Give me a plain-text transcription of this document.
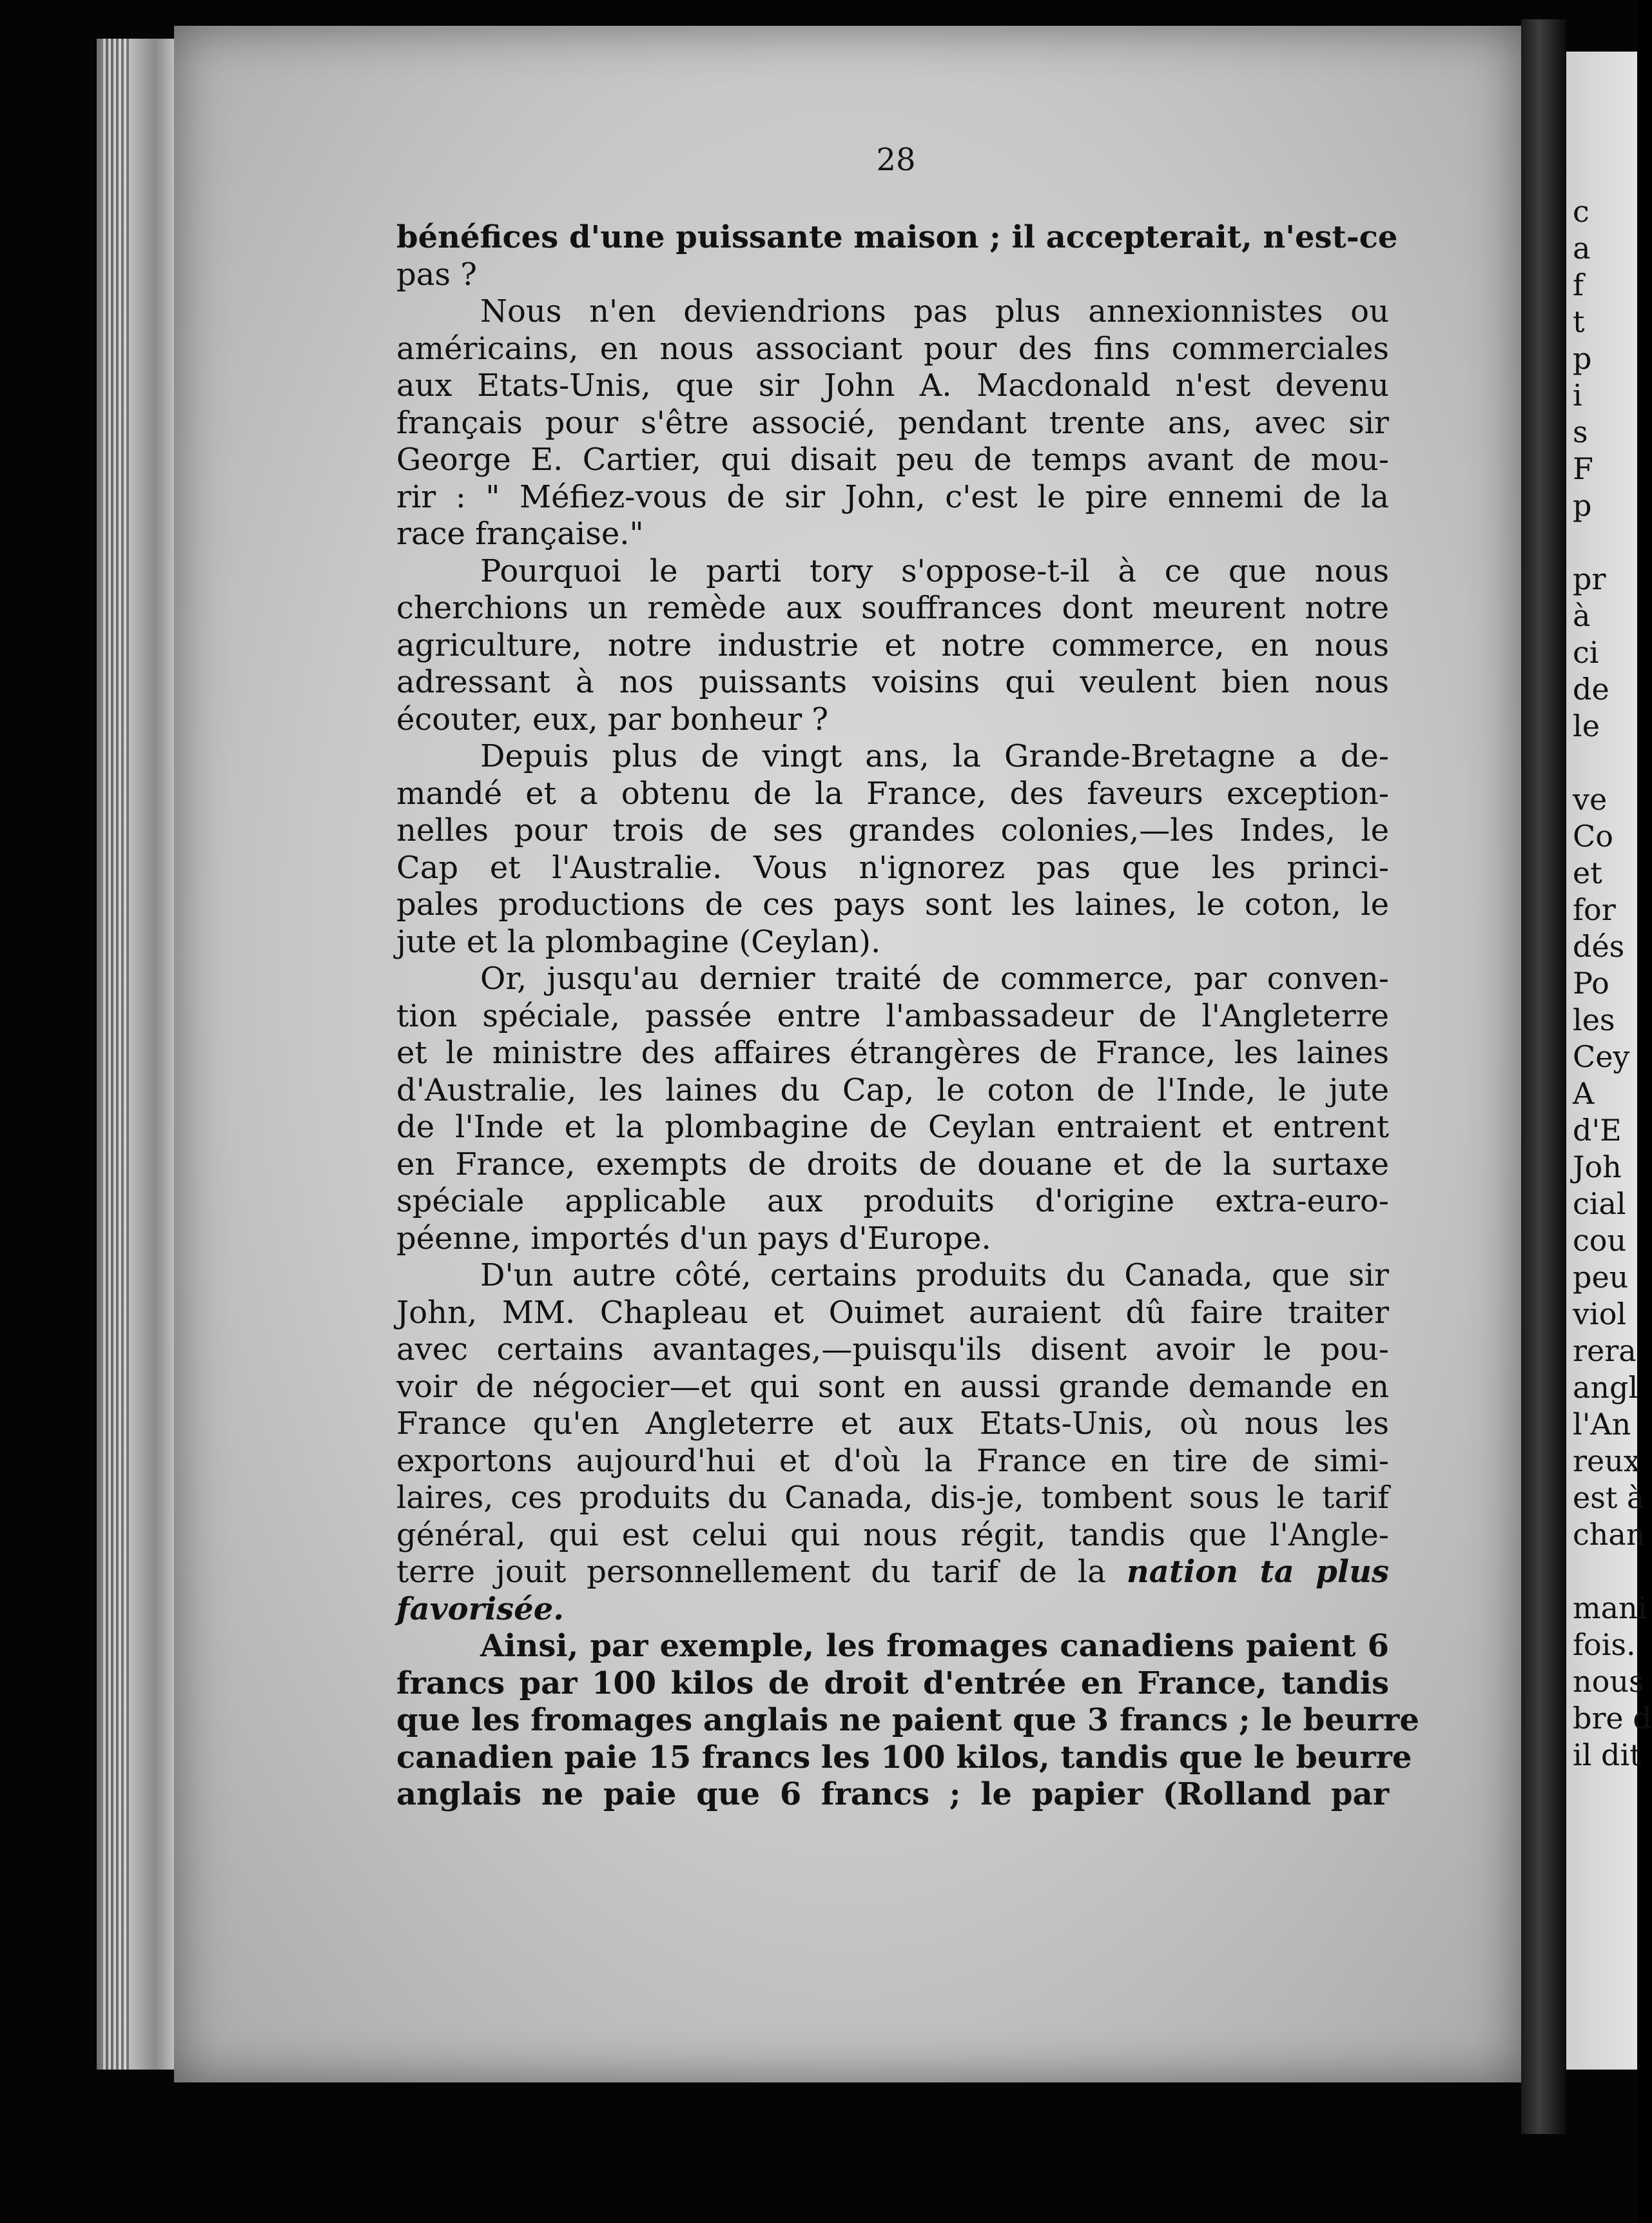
28
bénéfices d'une puissante maison ; il accepterait, n'est-ce
pas ?
Nous n'en deviendrions pas plus annexionnistes ou
américains, en nous associant pour des fins commerciales
aux Etats-Unis, que sir John A. Macdonald n'est devenu
français pour s'être associé, pendant trente ans, avec sir
George E. Cartier, qui disait peu de temps avant de mou-
rir : " Méfiez-vous de sir John, c'est le pire ennemi de la
race française."
Pourquoi le parti tory s'oppose-t-il à ce que nous
cherchions un remède aux souffrances dont meurent notre
agriculture, notre industrie et notre commerce, en nous
adressant à nos puissants voisins qui veulent bien nous
écouter, eux, par bonheur ?
Depuis plus de vingt ans, la Grande-Bretagne a de-
mandé et a obtenu de la France, des faveurs exception-
nelles pour trois de ses grandes colonies,—les Indes, le
Cap et l'Australie. Vous n'ignorez pas que les princi-
pales productions de ces pays sont les laines, le coton, le
jute et la plombagine (Ceylan).
Or, jusqu'au dernier traité de commerce, par conven-
tion spéciale, passée entre l'ambassadeur de l'Angleterre
et le ministre des affaires étrangères de France, les laines
d'Australie, les laines du Cap, le coton de l'Inde, le jute
de l'Inde et la plombagine de Ceylan entraient et entrent
en France, exempts de droits de douane et de la surtaxe
spéciale applicable aux produits d'origine extra-euro-
péenne, importés d'un pays d'Europe.
D'un autre côté, certains produits du Canada, que sir
John, MM. Chapleau et Ouimet auraient dû faire traiter
avec certains avantages,—puisqu'ils disent avoir le pou-
voir de négocier—et qui sont en aussi grande demande en
France qu'en Angleterre et aux Etats-Unis, où nous les
exportons aujourd'hui et d'où la France en tire de simi-
laires, ces produits du Canada, dis-je, tombent sous le tarif
général, qui est celui qui nous régit, tandis que l'Angle-
terre jouit personnellement du tarif de la nation ta plus
favorisée.
Ainsi, par exemple, les fromages canadiens paient 6
francs par 100 kilos de droit d'entrée en France, tandis
que les fromages anglais ne paient que 3 francs ; le beurre
canadien paie 15 francs les 100 kilos, tandis que le beurre
anglais ne paie que 6 francs ; le papier (Rolland par
c
a
f
t
p
i
s
F
p
pr
à
ci
de
le
ve
Co
et
for
dés
Po
les
Cey
A
d'E
Joh
cial
cou
peu
viol
rera
angl
l'An
reux
est à
chan
mani
fois.
nous
bre d
il dit
